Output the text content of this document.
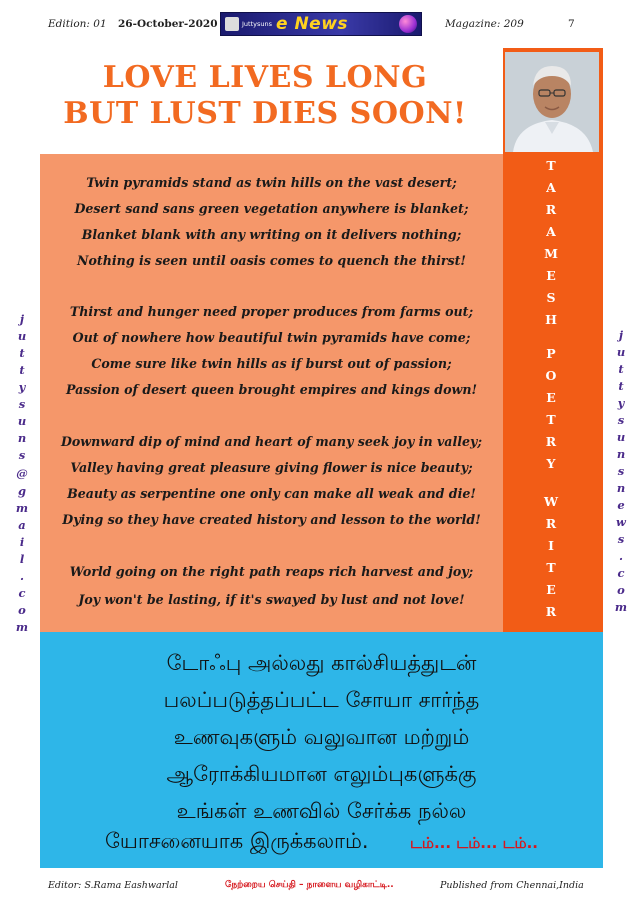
Edition: 01 26-October-2020	Juttysuns e News	Magazine: 209	7
LOVE LIVES LONG
BUT LUST DIES SOON!
Twin pyramids stand as twin hills on the vast desert;
Desert sand sans green vegetation anywhere is blanket;
Blanket blank with any writing on it delivers nothing;
Nothing is seen until oasis comes to quench the thirst!
Thirst and hunger need proper produces from farms out;
Out of nowhere how beautiful twin pyramids have come;
Come sure like twin hills as if burst out of passion;
Passion of desert queen brought empires and kings down!
Downward dip of mind and heart of many seek joy in valley;
Valley having great pleasure giving flower is nice beauty;
Beauty as serpentine one only can make all weak and die!
Dying so they have created history and lesson to the world!
World going on the right path reaps rich harvest and joy;
Joy won't be lasting, if it's swayed by lust and not love!
T
A
R
A
M
E
S
H
P
O
E
T
R
Y
W
R
I
T
E
R
j
u
t
t
y
s
u
n
s
@
g
m
a
i
l
.
c
o
m
j
u
t
t
y
s
u
n
s
n
e
w
s
.
c
o
m
டோஃபு அல்லது கால்சியத்துடன்
பலப்படுத்தப்பட்ட சோயா சார்ந்த
உணவுகளும் வலுவான மற்றும்
ஆரோக்கியமான எலும்புகளுக்கு
உங்கள் உணவில் சேர்க்க நல்ல
யோசனையாக இருக்கலாம்.	டம்... டம்... டம்..
Editor: S.Rama Eashwarlal	நேற்றைய செய்தி – நாளைய வழிகாட்டி..	Published from Chennai,India
